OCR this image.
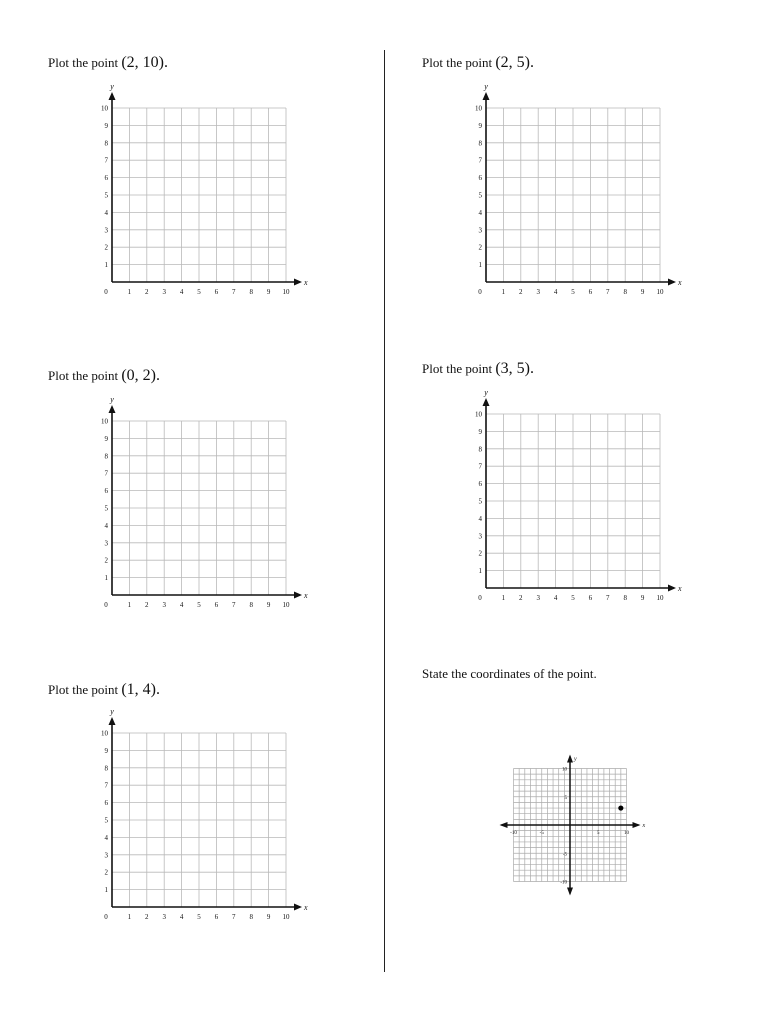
Plot the point (2, 10).
1 2 3 4 5 6 7 8 9 10
1
2
3
4
5
6
7
8
9
10
0
x
y
Plot the point (2, 5).
1 2 3 4 5 6 7 8 9 10
1
2
3
4
5
6
7
8
9
10
0
x
y
Plot the point (0, 2).
1 2 3 4 5 6 7 8 9 10
1
2
3
4
5
6
7
8
9
10
0
x
y
Plot the point (3, 5).
1 2 3 4 5 6 7 8 9 10
1
2
3
4
5
6
7
8
9
10
0
x
y
Plot the point (1, 4).
1 2 3 4 5 6 7 8 9 10
1
2
3
4
5
6
7
8
9
10
0
x
y
State the coordinates of the point.
-10	-5	5	10
10
5
-5
-10
x
y
